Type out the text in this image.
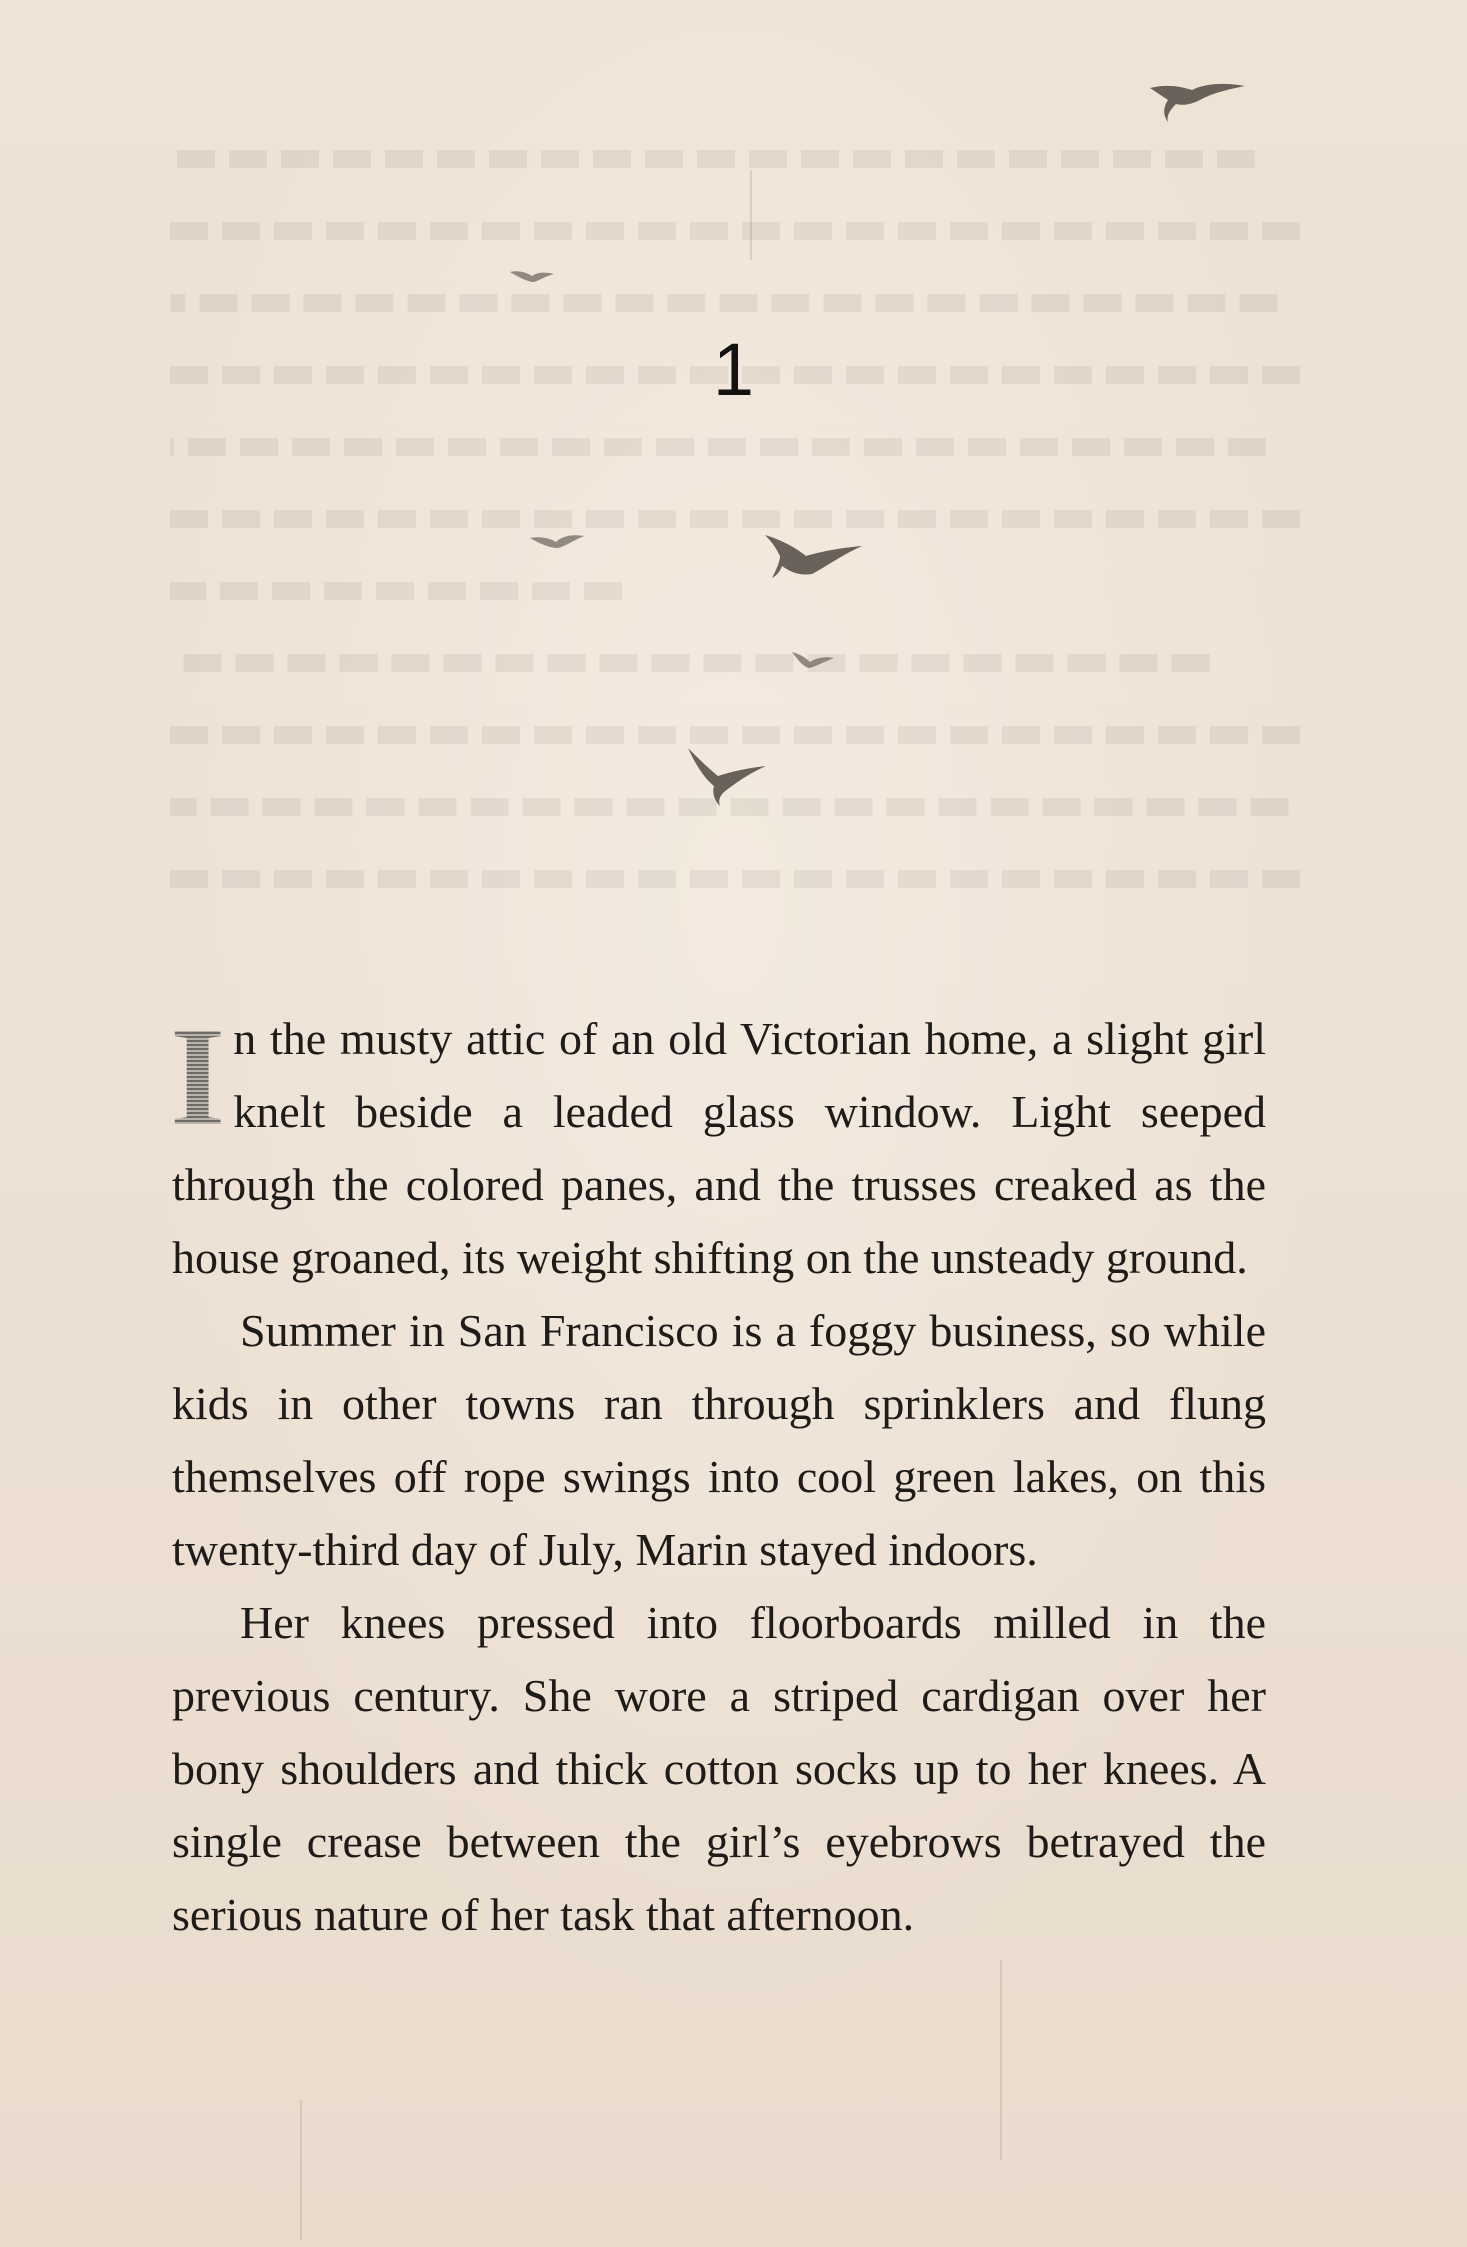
1

I n the musty attic of an old Victorian home, a slight girl knelt beside a leaded glass window. Light seeped through the colored panes, and the trusses creaked as the house groaned, its weight shifting on the unsteady ground.

Summer in San Francisco is a foggy business, so while kids in other towns ran through sprinklers and flung themselves off rope swings into cool green lakes, on this twenty-third day of July, Marin stayed indoors.

Her knees pressed into floorboards milled in the previous century. She wore a striped cardigan over her bony shoulders and thick cotton socks up to her knees. A single crease between the girl’s eyebrows betrayed the serious nature of her task that afternoon.
